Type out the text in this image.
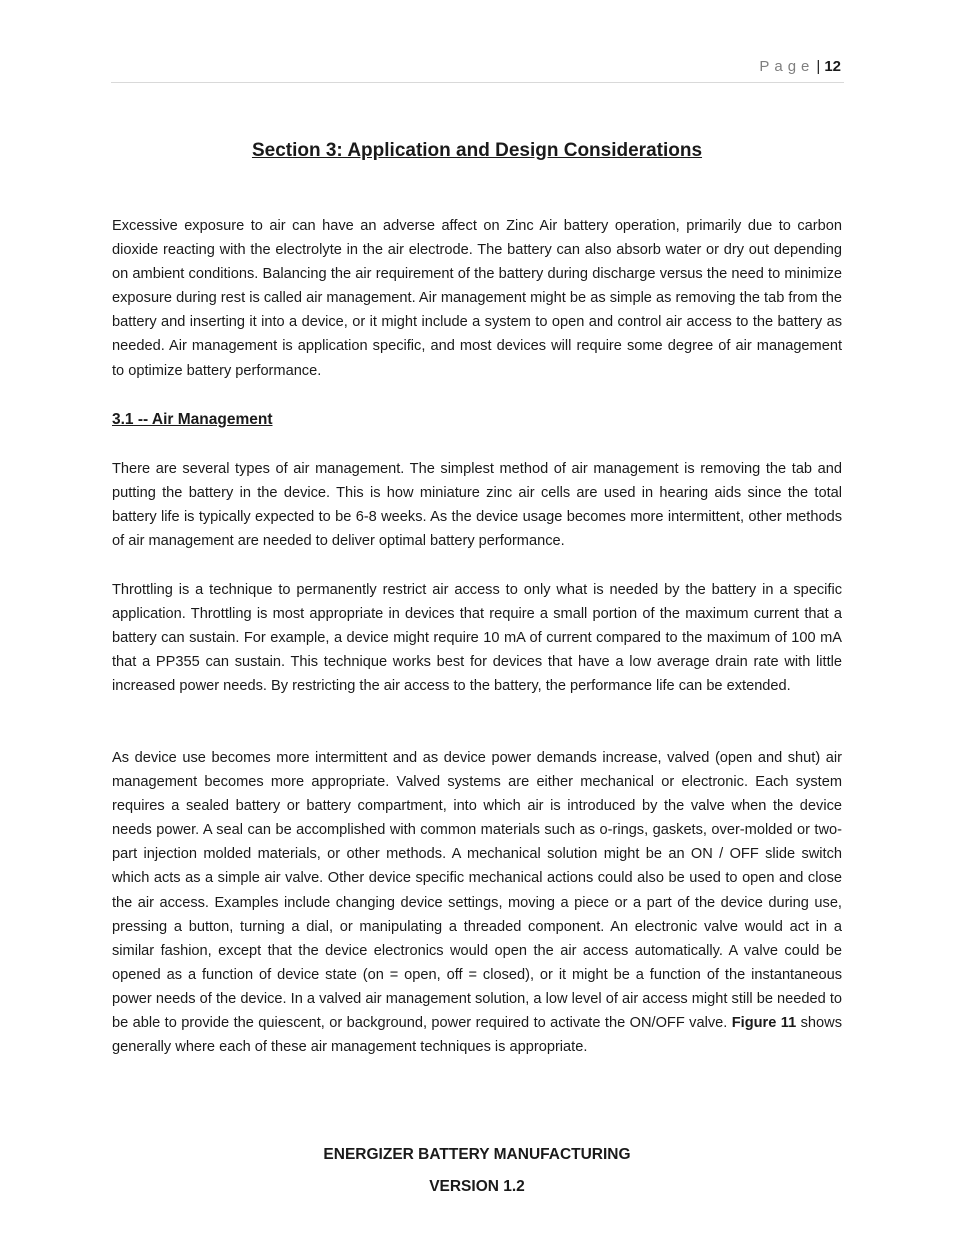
Page | 12
Section 3: Application and Design Considerations

Excessive exposure to air can have an adverse affect on Zinc Air battery operation, primarily due to carbon dioxide reacting with the electrolyte in the air electrode. The battery can also absorb water or dry out depending on ambient conditions. Balancing the air requirement of the battery during discharge versus the need to minimize exposure during rest is called air management. Air management might be as simple as removing the tab from the battery and inserting it into a device, or it might include a system to open and control air access to the battery as needed. Air management is application specific, and most devices will require some degree of air management to optimize battery performance.

3.1 -- Air Management

There are several types of air management. The simplest method of air management is removing the tab and putting the battery in the device. This is how miniature zinc air cells are used in hearing aids since the total battery life is typically expected to be 6-8 weeks. As the device usage becomes more intermittent, other methods of air management are needed to deliver optimal battery performance.

Throttling is a technique to permanently restrict air access to only what is needed by the battery in a specific application. Throttling is most appropriate in devices that require a small portion of the maximum current that a battery can sustain. For example, a device might require 10 mA of current compared to the maximum of 100 mA that a PP355 can sustain. This technique works best for devices that have a low average drain rate with little increased power needs. By restricting the air access to the battery, the performance life can be extended.

As device use becomes more intermittent and as device power demands increase, valved (open and shut) air management becomes more appropriate. Valved systems are either mechanical or electronic. Each system requires a sealed battery or battery compartment, into which air is introduced by the valve when the device needs power. A seal can be accomplished with common materials such as o-rings, gaskets, over-molded or two-part injection molded materials, or other methods. A mechanical solution might be an ON / OFF slide switch which acts as a simple air valve. Other device specific mechanical actions could also be used to open and close the air access. Examples include changing device settings, moving a piece or a part of the device during use, pressing a button, turning a dial, or manipulating a threaded component. An electronic valve would act in a similar fashion, except that the device electronics would open the air access automatically. A valve could be opened as a function of device state (on = open, off = closed), or it might be a function of the instantaneous power needs of the device. In a valved air management solution, a low level of air access might still be needed to be able to provide the quiescent, or background, power required to activate the ON/OFF valve. Figure 11 shows generally where each of these air management techniques is appropriate.

ENERGIZER BATTERY MANUFACTURING
VERSION 1.2
